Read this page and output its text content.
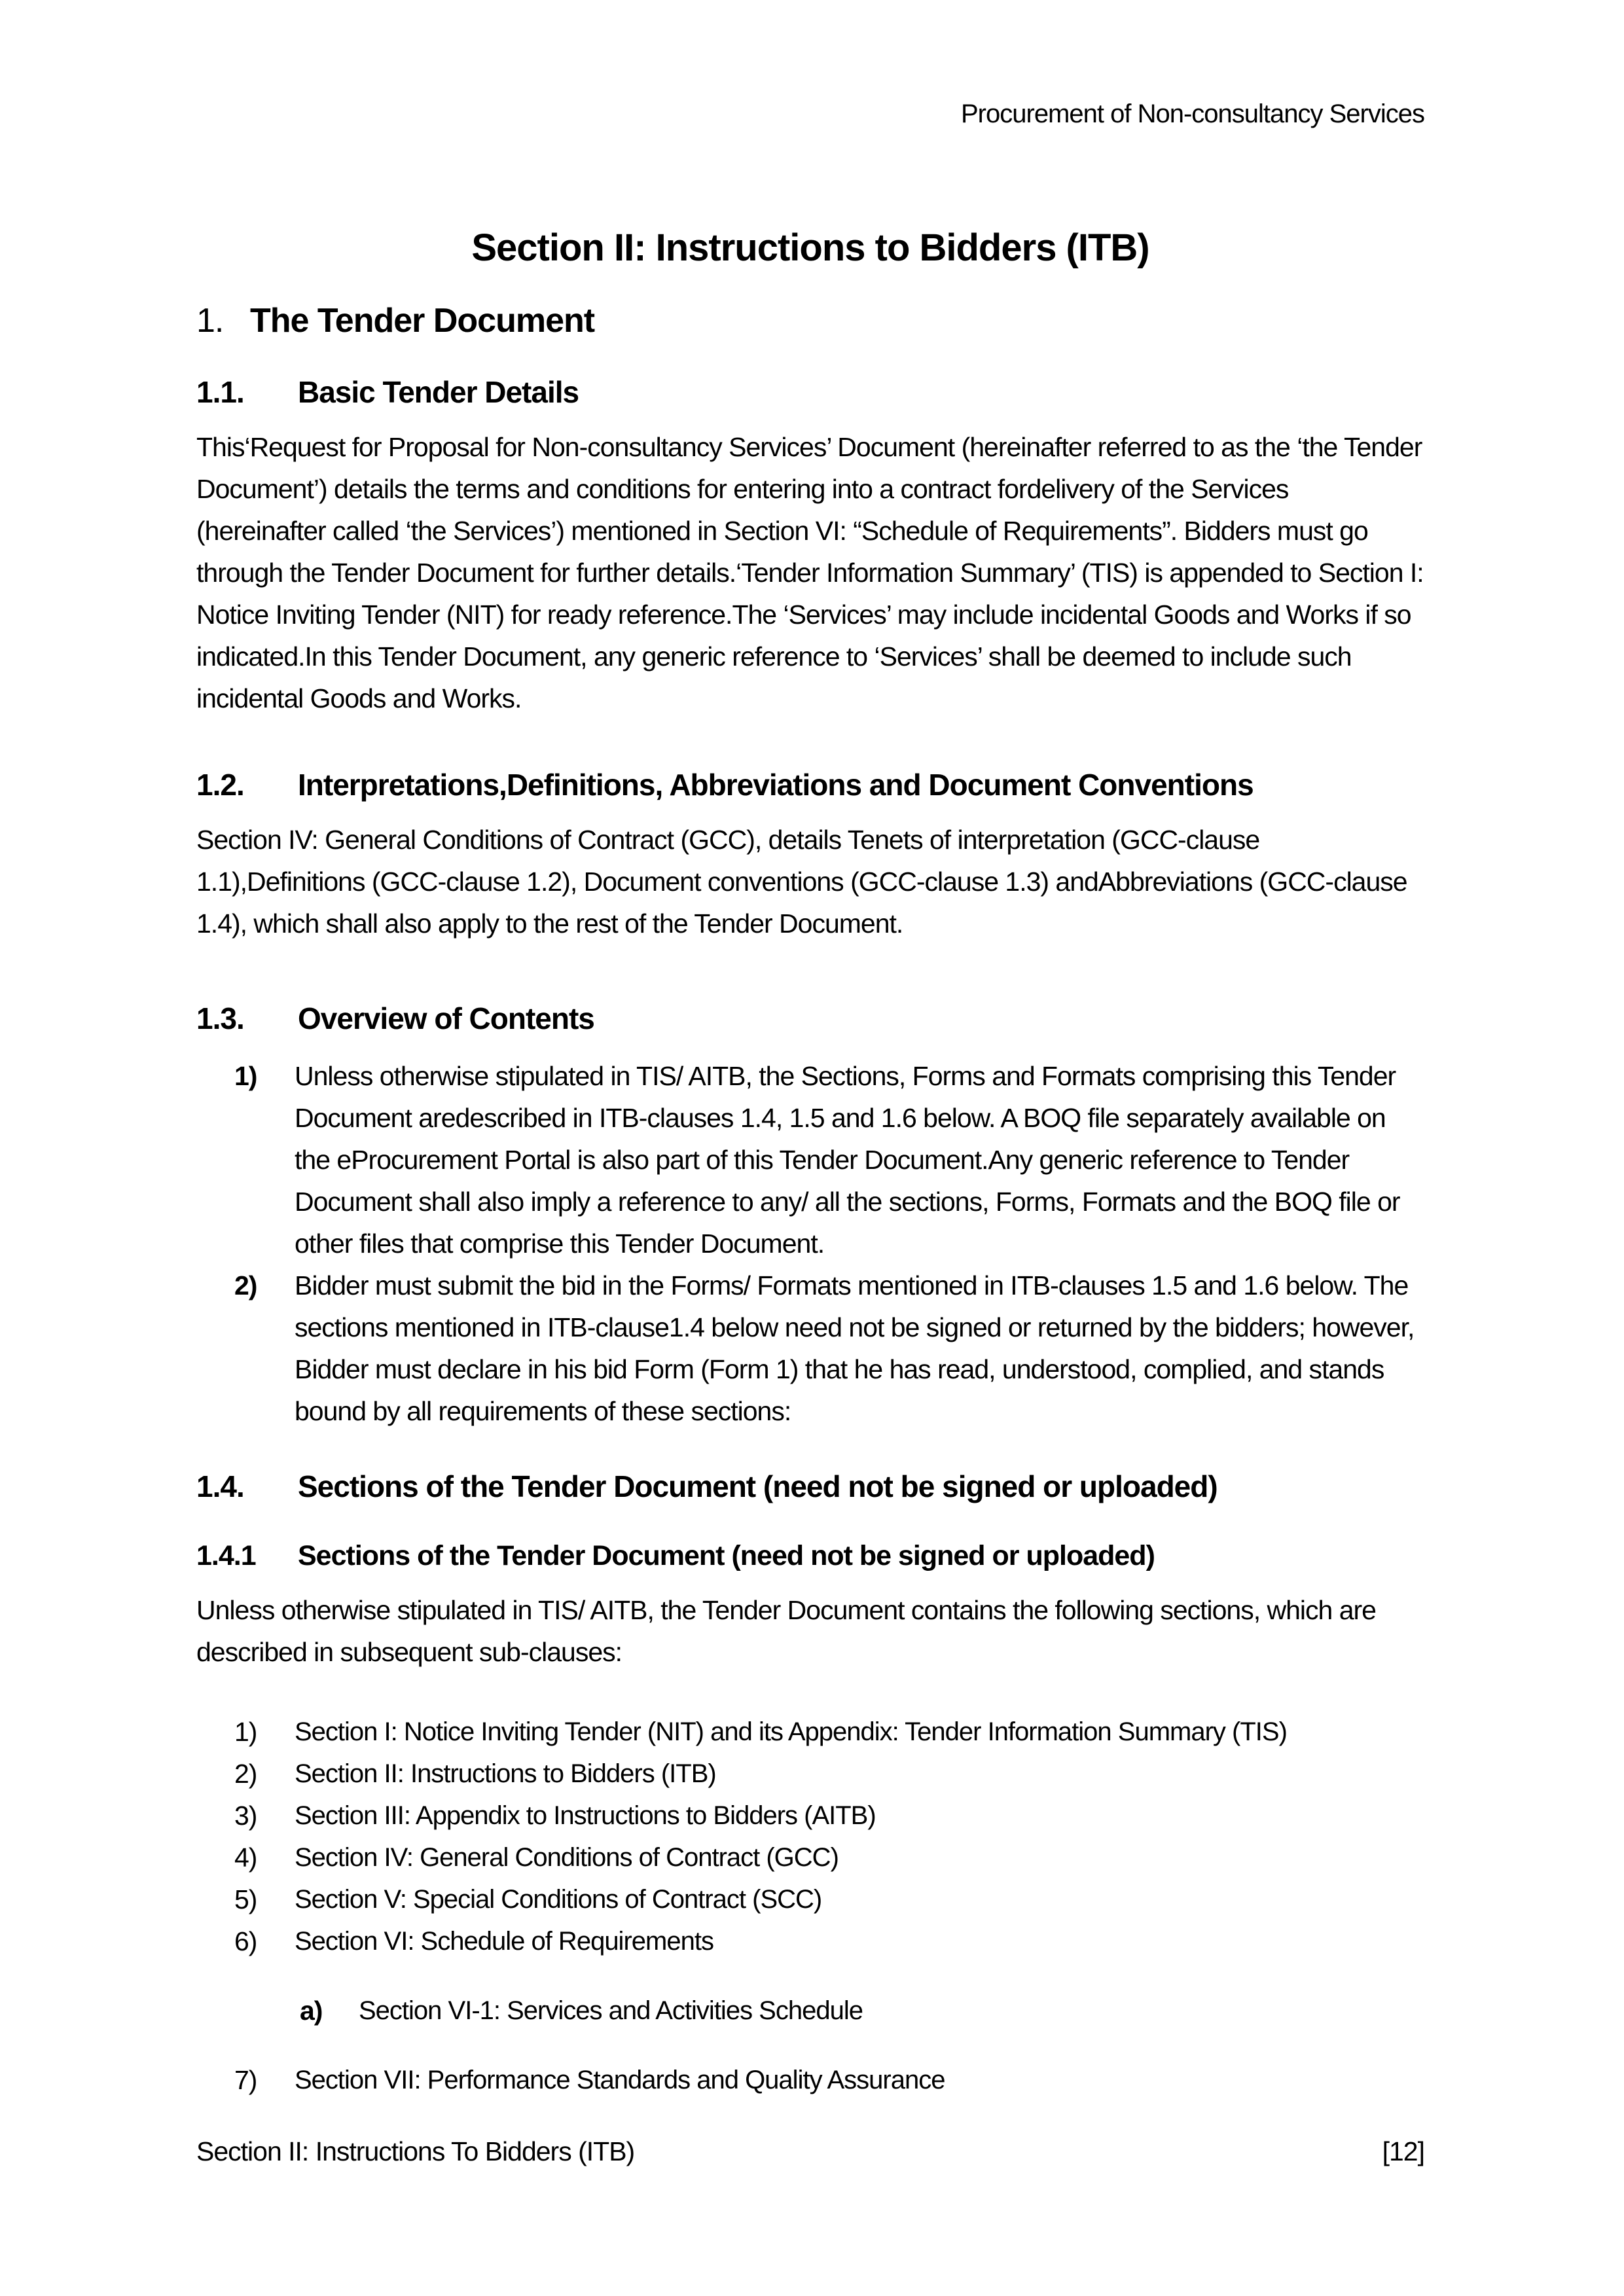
Procurement of Non-consultancy Services
Section II: Instructions to Bidders (ITB)
1. The Tender Document
1.1.	Basic Tender Details

This‘Request for Proposal for Non-consultancy Services’ Document (hereinafter referred to as the ‘the Tender Document’) details the terms and conditions for entering into a contract fordelivery of the Services (hereinafter called ‘the Services’) mentioned in Section VI: “Schedule of Requirements”. Bidders must go through the Tender Document for further details.‘Tender Information Summary’ (TIS) is appended to Section I: Notice Inviting Tender (NIT) for ready reference.The ‘Services’ may include incidental Goods and Works if so indicated.In this Tender Document, any generic reference to ‘Services’ shall be deemed to include such incidental Goods and Works.

1.2.	Interpretations,Definitions, Abbreviations and Document Conventions

Section IV: General Conditions of Contract (GCC), details Tenets of interpretation (GCC-clause 1.1),Definitions (GCC-clause 1.2), Document conventions (GCC-clause 1.3) andAbbreviations (GCC-clause 1.4), which shall also apply to the rest of the Tender Document.

1.3.	Overview of Contents
1)	Unless otherwise stipulated in TIS/ AITB, the Sections, Forms and Formats comprising this Tender Document aredescribed in ITB-clauses 1.4, 1.5 and 1.6 below. A BOQ file separately available on the eProcurement Portal is also part of this Tender Document.Any generic reference to Tender Document shall also imply a reference to any/ all the sections, Forms, Formats and the BOQ file or other files that comprise this Tender Document.
2)	Bidder must submit the bid in the Forms/ Formats mentioned in ITB-clauses 1.5 and 1.6 below. The sections mentioned in ITB-clause1.4 below need not be signed or returned by the bidders; however, Bidder must declare in his bid Form (Form 1) that he has read, understood, complied, and stands bound by all requirements of these sections:
1.4.	Sections of the Tender Document (need not be signed or uploaded)
1.4.1	Sections of the Tender Document (need not be signed or uploaded)

Unless otherwise stipulated in TIS/ AITB, the Tender Document contains the following sections, which are described in subsequent sub-clauses:

1)	Section I: Notice Inviting Tender (NIT) and its Appendix: Tender Information Summary (TIS)
2)	Section II: Instructions to Bidders (ITB)
3)	Section III: Appendix to Instructions to Bidders (AITB)
4)	Section IV: General Conditions of Contract (GCC)
5)	Section V: Special Conditions of Contract (SCC)
6)	Section VI: Schedule of Requirements
a)	Section VI-1: Services and Activities Schedule
7)	Section VII: Performance Standards and Quality Assurance
Section II: Instructions To Bidders (ITB)	[12]
